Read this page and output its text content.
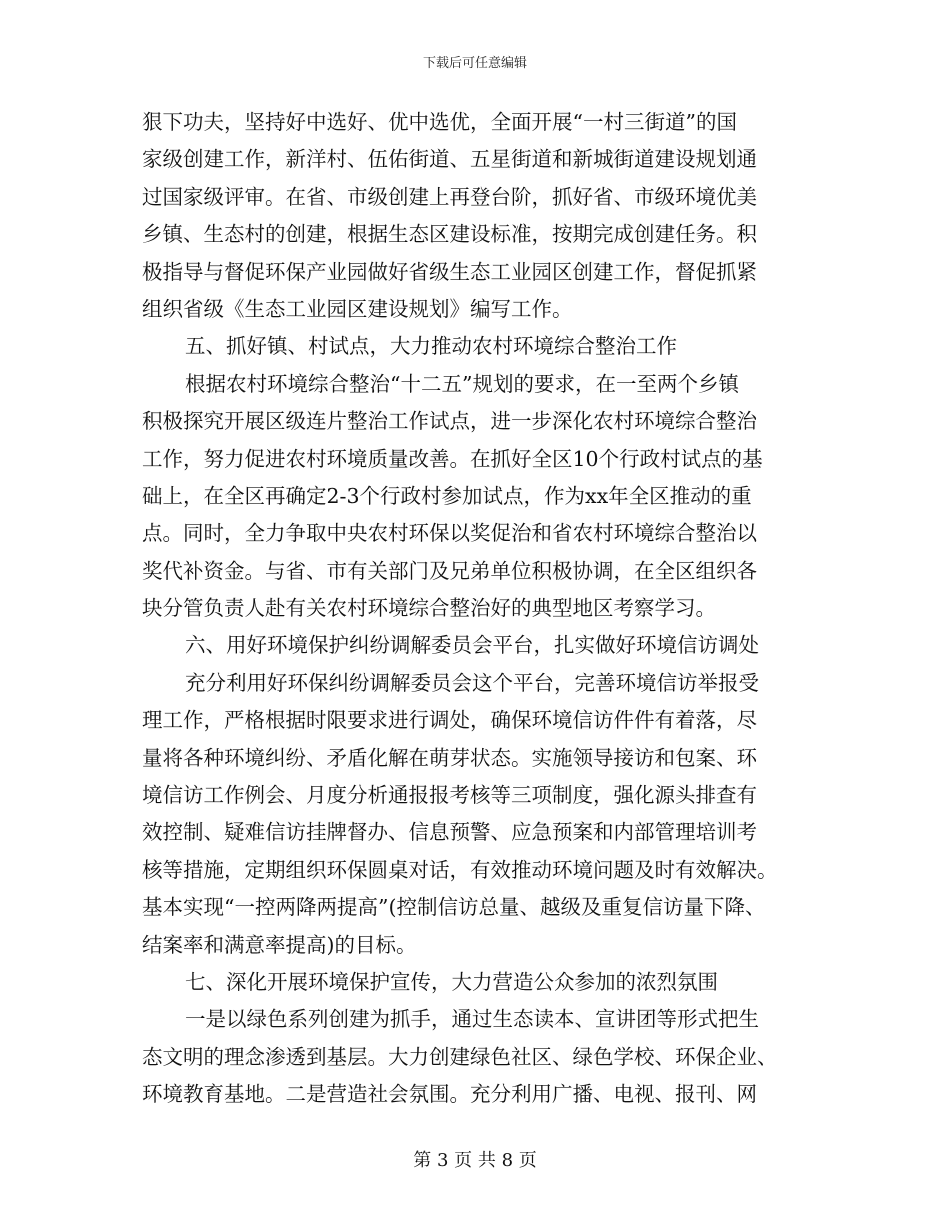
下载后可任意编辑
狠下功夫，坚持好中选好、优中选优，全面开展“一村三街道”的国
家级创建工作，新洋村、伍佑街道、五星街道和新城街道建设规划通
过国家级评审。在省、市级创建上再登台阶，抓好省、市级环境优美
乡镇、生态村的创建，根据生态区建设标准，按期完成创建任务。积
极指导与督促环保产业园做好省级生态工业园区创建工作，督促抓紧
组织省级《生态工业园区建设规划》编写工作。
五、抓好镇、村试点，大力推动农村环境综合整治工作
根据农村环境综合整治“十二五”规划的要求，在一至两个乡镇
积极探究开展区级连片整治工作试点，进一步深化农村环境综合整治
工作，努力促进农村环境质量改善。在抓好全区10个行政村试点的基
础上，在全区再确定2-3个行政村参加试点，作为xx年全区推动的重
点。同时，全力争取中央农村环保以奖促治和省农村环境综合整治以
奖代补资金。与省、市有关部门及兄弟单位积极协调，在全区组织各
块分管负责人赴有关农村环境综合整治好的典型地区考察学习。
六、用好环境保护纠纷调解委员会平台，扎实做好环境信访调处
充分利用好环保纠纷调解委员会这个平台，完善环境信访举报受
理工作，严格根据时限要求进行调处，确保环境信访件件有着落，尽
量将各种环境纠纷、矛盾化解在萌芽状态。实施领导接访和包案、环
境信访工作例会、月度分析通报报考核等三项制度，强化源头排查有
效控制、疑难信访挂牌督办、信息预警、应急预案和内部管理培训考
核等措施，定期组织环保圆桌对话，有效推动环境问题及时有效解决。
基本实现“一控两降两提高”(控制信访总量、越级及重复信访量下降、
结案率和满意率提高)的目标。
七、深化开展环境保护宣传，大力营造公众参加的浓烈氛围
一是以绿色系列创建为抓手，通过生态读本、宣讲团等形式把生
态文明的理念渗透到基层。大力创建绿色社区、绿色学校、环保企业、
环境教育基地。二是营造社会氛围。充分利用广播、电视、报刊、网
第 3 页 共 8 页
